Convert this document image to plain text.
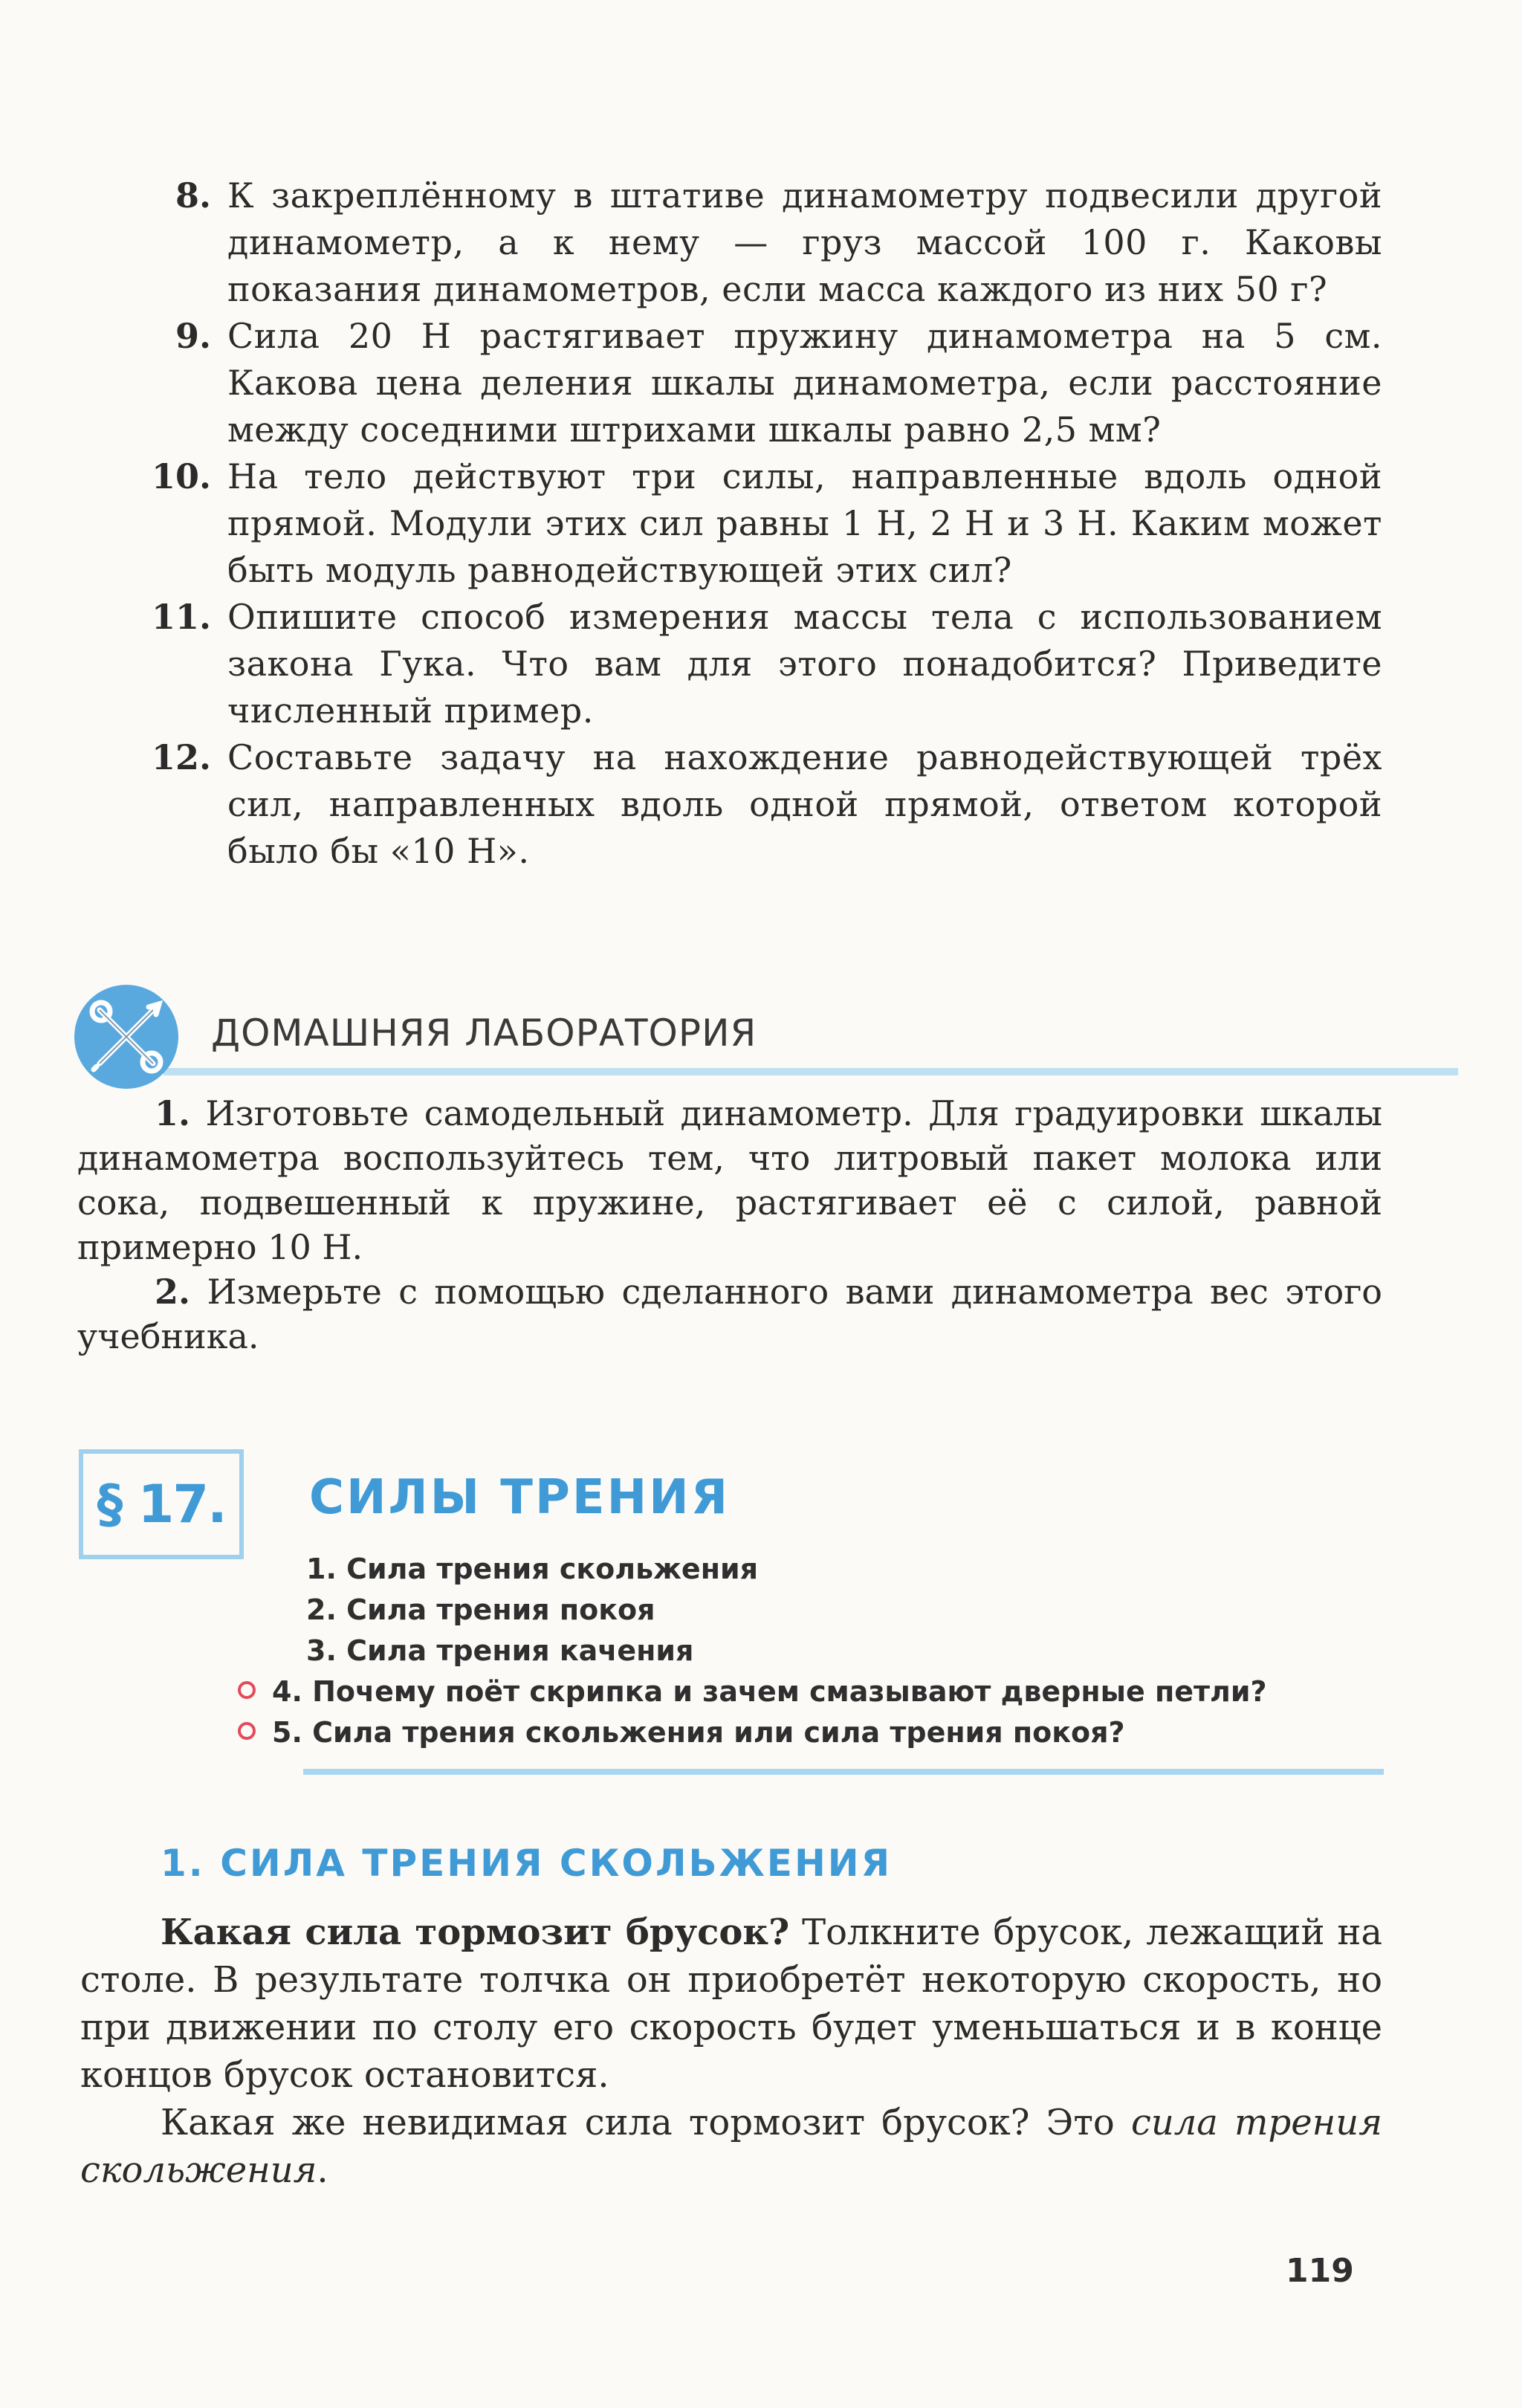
8. К закреплённому в штативе динамометру подвесили другой динамометр, а к нему — груз массой 100 г. Каковы показания динамометров, если масса каждого из них 50 г?
9. Сила 20 Н растягивает пружину динамометра на 5 см. Какова цена деления шкалы динамометра, если расстояние между соседними штрихами шкалы равно 2,5 мм?
10. На тело действуют три силы, направленные вдоль одной прямой. Модули этих сил равны 1 Н, 2 Н и 3 Н. Каким может быть модуль равнодействующей этих сил?
11. Опишите способ измерения массы тела с использованием закона Гука. Что вам для этого понадобится? Приведите численный пример.
12. Составьте задачу на нахождение равнодействующей трёх сил, направленных вдоль одной прямой, ответом которой было бы «10 Н».
ДОМАШНЯЯ ЛАБОРАТОРИЯ

1. Изготовьте самодельный динамометр. Для градуировки шкалы динамометра воспользуйтесь тем, что литровый пакет молока или сока, подвешенный к пружине, растягивает её с силой, равной примерно 10 Н.

2. Измерьте с помощью сделанного вами динамометра вес этого учебника.

§ 17. СИЛЫ ТРЕНИЯ
1. Сила трения скольжения
2. Сила трения покоя
3. Сила трения качения
4. Почему поёт скрипка и зачем смазывают дверные петли?
5. Сила трения скольжения или сила трения покоя?
1. СИЛА ТРЕНИЯ СКОЛЬЖЕНИЯ

Какая сила тормозит брусок? Толкните брусок, лежащий на столе. В результате толчка он приобретёт некоторую скорость, но при движении по столу его скорость будет уменьшаться и в конце концов брусок остановится.

Какая же невидимая сила тормозит брусок? Это сила трения скольжения.

119
